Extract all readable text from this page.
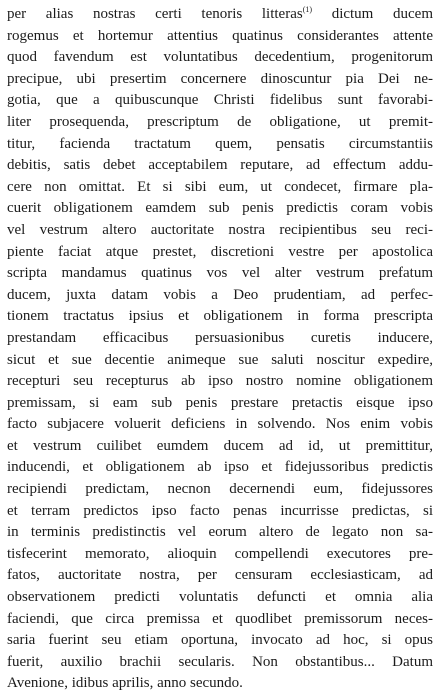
per alias nostras certi tenoris litteras$^{(1)}$ dictum ducem
rogemus et hortemur attentius quatinus considerantes attente
quod favendum est voluntatibus decedentium, progenitorum
precipue, ubi presertim concernere dinoscuntur pia Dei ne-
gotia, que a quibuscunque Christi fidelibus sunt favorabi-
liter prosequenda, prescriptum de obligatione, ut premit-
titur, facienda tractatum quem, pensatis circumstantiis
debitis, satis debet acceptabilem reputare, ad effectum addu-
cere non omittat. Et si sibi eum, ut condecet, firmare pla-
cuerit obligationem eamdem sub penis predictis coram vobis
vel vestrum altero auctoritate nostra recipientibus seu reci-
piente faciat atque prestet, discretioni vestre per apostolica
scripta mandamus quatinus vos vel alter vestrum prefatum
ducem, juxta datam vobis a Deo prudentiam, ad perfec-
tionem tractatus ipsius et obligationem in forma prescripta
prestandam efficacibus persuasionibus curetis inducere,
sicut et sue decentie animeque sue saluti noscitur expedire,
recepturi seu recepturus ab ipso nostro nomine obligationem
premissam, si eam sub penis prestare pretactis eisque ipso
facto subjacere voluerit deficiens in solvendo. Nos enim vobis
et vestrum cuilibet eumdem ducem ad id, ut premittitur,
inducendi, et obligationem ab ipso et fidejussoribus predictis
recipiendi predictam, necnon decernendi eum, fidejussores
et terram predictos ipso facto penas incurrisse predictas, si
in terminis predistinctis vel eorum altero de legato non sa-
tisfecerint memorato, alioquin compellendi executores pre-
fatos, auctoritate nostra, per censuram ecclesiasticam, ad
observationem predicti voluntatis defuncti et omnia alia
faciendi, que circa premissa et quodlibet premissorum neces-
saria fuerint seu etiam oportuna, invocato ad hoc, si opus
fuerit, auxilio brachii secularis. Non obstantibus... Datum
Avenione, idibus aprilis, anno secundo.
